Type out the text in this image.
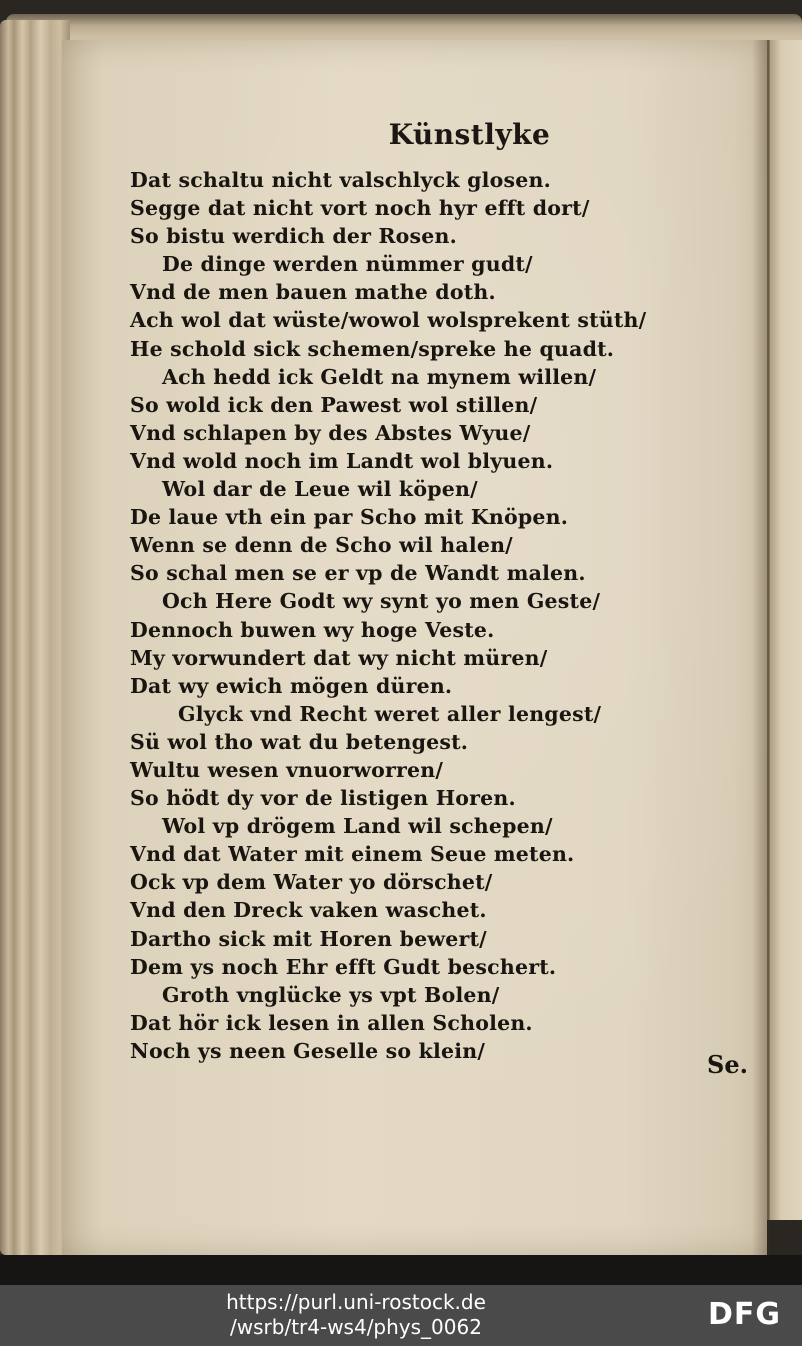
Künstlyke
Dat schaltu nicht valschlyck glosen.
Segge dat nicht vort noch hyr efft dort/
So bistu werdich der Rosen.
De dinge werden nümmer gudt/
Vnd de men bauen mathe doth.
Ach wol dat wüste/wowol wolsprekent stüth/
He schold sick schemen/spreke he quadt.
Ach hedd ick Geldt na mynem willen/
So wold ick den Pawest wol stillen/
Vnd schlapen by des Abstes Wyue/
Vnd wold noch im Landt wol blyuen.
Wol dar de Leue wil köpen/
De laue vth ein par Scho mit Knöpen.
Wenn se denn de Scho wil halen/
So schal men se er vp de Wandt malen.
Och Here Godt wy synt yo men Geste/
Dennoch buwen wy hoge Veste.
My vorwundert dat wy nicht müren/
Dat wy ewich mögen düren.
Glyck vnd Recht weret aller lengest/
Sü wol tho wat du betengest.
Wultu wesen vnuorworren/
So hödt dy vor de listigen Horen.
Wol vp drögem Land wil schepen/
Vnd dat Water mit einem Seue meten.
Ock vp dem Water yo dörschet/
Vnd den Dreck vaken waschet.
Dartho sick mit Horen bewert/
Dem ys noch Ehr efft Gudt beschert.
Groth vnglücke ys vpt Bolen/
Dat hör ick lesen in allen Scholen.
Noch ys neen Geselle so klein/	Se.
https://purl.uni-rostock.de
/wsrb/tr4-ws4/phys_0062	DFG
